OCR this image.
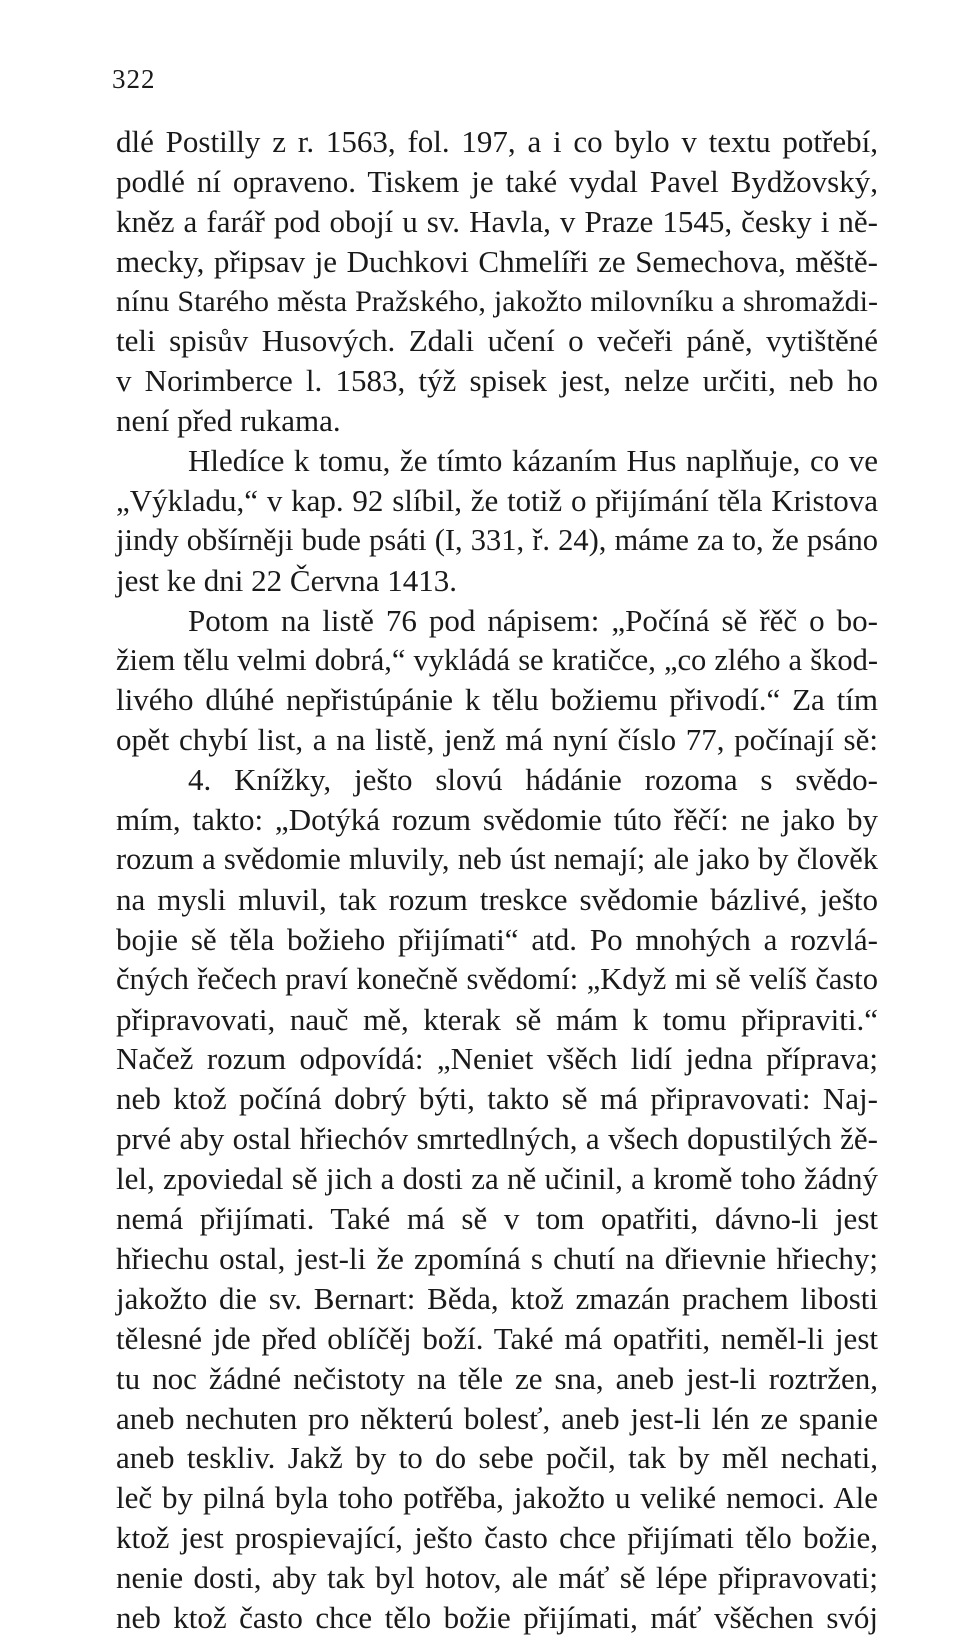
322
dlé Postilly z r. 1563, fol. 197, a i co bylo v textu potřebí,
podlé ní opraveno. Tiskem je také vydal Pavel Bydžovský,
kněz a farář pod obojí u sv. Havla, v Praze 1545, česky i ně-
mecky, připsav je Duchkovi Chmelíři ze Semechova, měště-
nínu Starého města Pražského, jakožto milovníku a shromaždi-
teli spisův Husových. Zdali učení o večeři páně, vytištěné
v Norimberce l. 1583, týž spisek jest, nelze určiti, neb ho
není před rukama.
Hledíce k tomu, že tímto kázaním Hus naplňuje, co ve
„Výkladu,“ v kap. 92 slíbil, že totiž o přijímání těla Kristova
jindy obšírněji bude psáti (I, 331, ř. 24), máme za to, že psáno
jest ke dni 22 Června 1413.
Potom na listě 76 pod nápisem: „Počíná sě řěč o bo-
žiem tělu velmi dobrá,“ vykládá se kratičce, „co zlého a škod-
livého dlúhé nepřistúpánie k tělu božiemu přivodí.“ Za tím
opět chybí list, a na listě, jenž má nyní číslo 77, počínají sě:
4. Knížky, ješto slovú hádánie rozoma s svědo-
mím, takto: „Dotýká rozum svědomie túto řěčí: ne jako by
rozum a svědomie mluvily, neb úst nemají; ale jako by člověk
na mysli mluvil, tak rozum treskce svědomie bázlivé, ješto
bojie sě těla božieho přijímati“ atd. Po mnohých a rozvlá-
čných řečech praví konečně svědomí: „Když mi sě velíš často
připravovati, nauč mě, kterak sě mám k tomu připraviti.“
Načež rozum odpovídá: „Neniet všěch lidí jedna příprava;
neb ktož počíná dobrý býti, takto sě má připravovati: Naj-
prvé aby ostal hřiechóv smrtedlných, a všech dopustilých žě-
lel, zpoviedal sě jich a dosti za ně učinil, a kromě toho žádný
nemá přijímati. Také má sě v tom opatřiti, dávno-li jest
hřiechu ostal, jest-li že zpomíná s chutí na dřievnie hřiechy;
jakožto die sv. Bernart: Běda, ktož zmazán prachem libosti
tělesné jde před oblíčěj boží. Také má opatřiti, neměl-li jest
tu noc žádné nečistoty na těle ze sna, aneb jest-li roztržen,
aneb nechuten pro některú bolesť, aneb jest-li lén ze spanie
aneb teskliv. Jakž by to do sebe počil, tak by měl nechati,
leč by pilná byla toho potřěba, jakožto u veliké nemoci. Ale
ktož jest prospievající, ješto často chce přijímati tělo božie,
nenie dosti, aby tak byl hotov, ale máť sě lépe připravovati;
neb ktož často chce tělo božie přijímati, máť všěchen svój
